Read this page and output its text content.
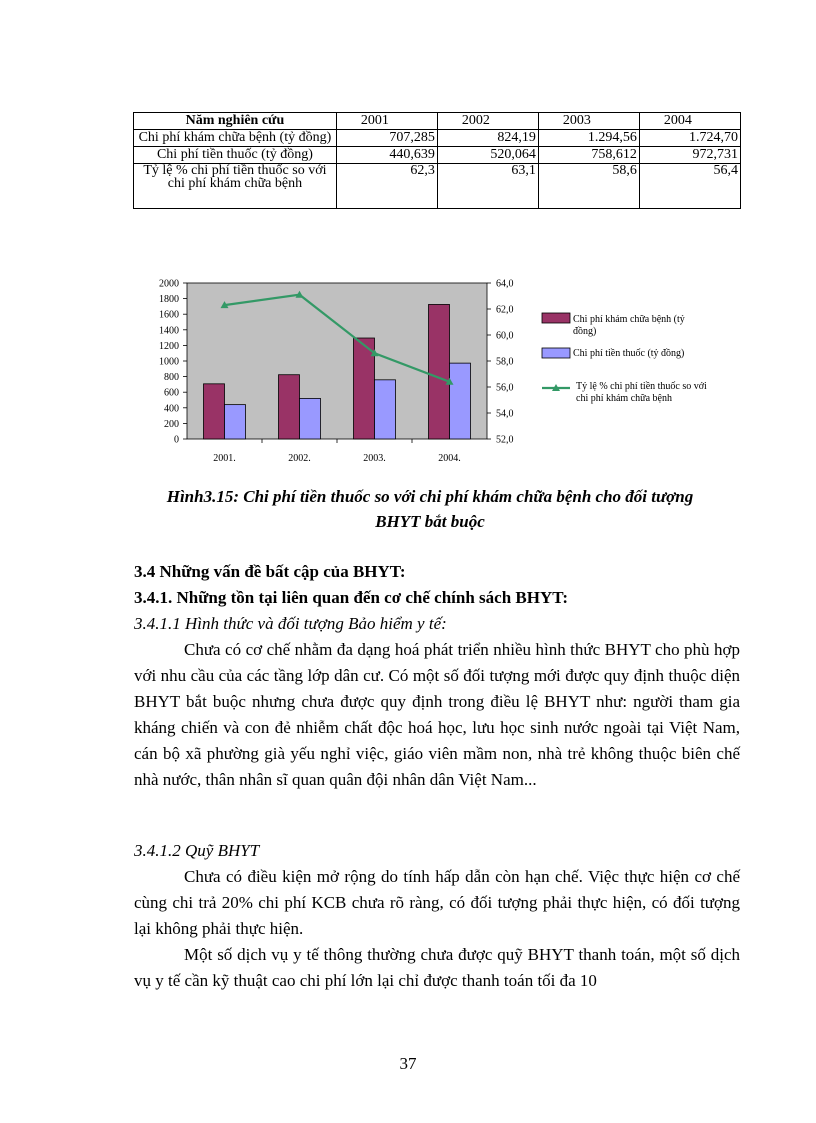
Năm nghiên cứu	2001	2002	2003	2004
Chi phí khám chữa bệnh (tỷ đồng)	707,285	824,19	1.294,56	1.724,70
Chi phí tiền thuốc (tỷ đồng)	440,639	520,064	758,612	972,731
Tỷ lệ % chi phí tiền thuốc so với chi phí khám chữa bệnh	62,3	63,1	58,6	56,4
0
200
400
600
800
1000
1200
1400
1600
1800
2000
52,0
54,0
56,0
58,0
60,0
62,0
64,0
2001.	2002.	2003.	2004.
Chi phí khám chữa bệnh (tỷ đồng)
Chi phí tiền thuốc (tỷ đồng)
Tỷ lệ % chi phí tiền thuốc so với chi phí khám chữa bệnh
Hình3.15: Chi phí tiền thuốc so với chi phí khám chữa bệnh cho đối tượng
BHYT bắt buộc
3.4 Những vấn đề bất cập của BHYT:
3.4.1. Những tồn tại liên quan đến cơ chế chính sách BHYT:
3.4.1.1 Hình thức và đối tượng Bảo hiểm y tế:

Chưa có cơ chế nhằm đa dạng hoá phát triển nhiều hình thức BHYT cho phù hợp với nhu cầu của các tầng lớp dân cư. Có một số đối tượng mới được quy định thuộc diện BHYT bắt buộc nhưng chưa được quy định trong điều lệ BHYT như: người tham gia kháng chiến và con đẻ nhiễm chất độc hoá học, lưu học sinh nước ngoài tại Việt Nam, cán bộ xã phường già yếu nghỉ việc, giáo viên mầm non, nhà trẻ không thuộc biên chế nhà nước, thân nhân sĩ quan quân đội nhân dân Việt Nam...

3.4.1.2 Quỹ BHYT

Chưa có điều kiện mở rộng do tính hấp dẫn còn hạn chế. Việc thực hiện cơ chế cùng chi trả 20% chi phí KCB chưa rõ ràng, có đối tượng phải thực hiện, có đối tượng lại không phải thực hiện.

Một số dịch vụ y tế thông thường chưa được quỹ BHYT thanh toán, một số dịch vụ y tế cần kỹ thuật cao chi phí lớn lại chỉ được thanh toán tối đa 10

37
